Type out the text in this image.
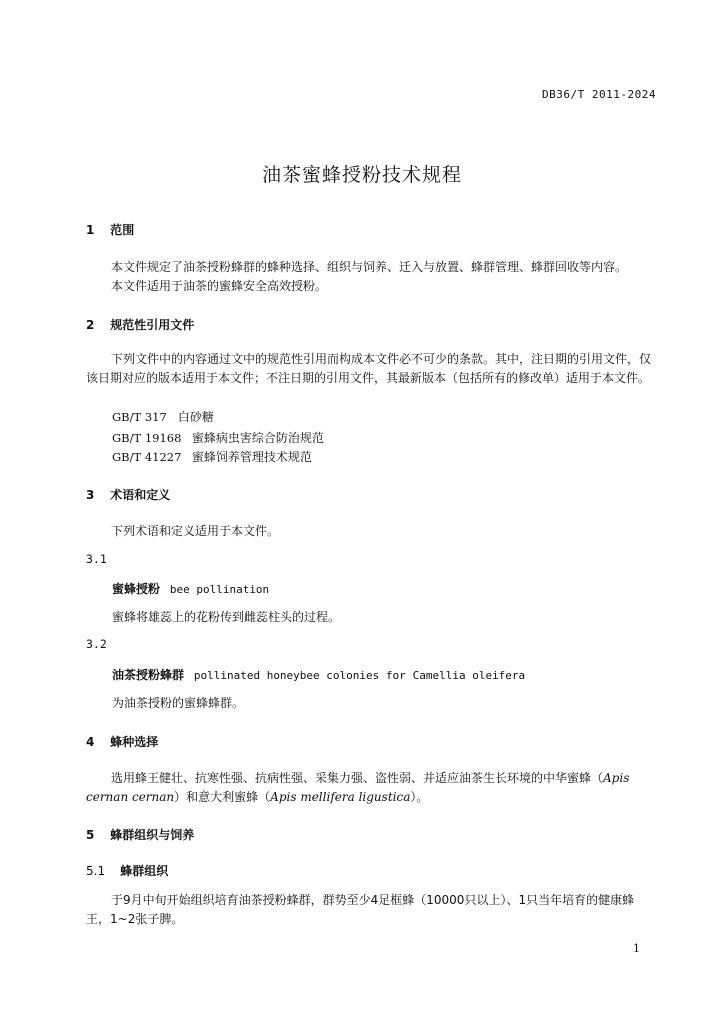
DB36/T 2011-2024
油茶蜜蜂授粉技术规程
1 范围
本文件规定了油茶授粉蜂群的蜂种选择、组织与饲养、迁入与放置、蜂群管理、蜂群回收等内容。
本文件适用于油茶的蜜蜂安全高效授粉。
2 规范性引用文件
下列文件中的内容通过文中的规范性引用而构成本文件必不可少的条款。其中，注日期的引用文件，仅该日期对应的版本适用于本文件；不注日期的引用文件，其最新版本（包括所有的修改单）适用于本文件。
GB/T 317 白砂糖
GB/T 19168 蜜蜂病虫害综合防治规范
GB/T 41227 蜜蜂饲养管理技术规范
3 术语和定义
下列术语和定义适用于本文件。
3.1
蜜蜂授粉 bee pollination
蜜蜂将雄蕊上的花粉传到雌蕊柱头的过程。
3.2
油茶授粉蜂群 pollinated honeybee colonies for Camellia oleifera
为油茶授粉的蜜蜂蜂群。
4 蜂种选择
选用蜂王健壮、抗寒性强、抗病性强、采集力强、盗性弱、并适应油茶生长环境的中华蜜蜂（Apis cernan cernan）和意大利蜜蜂（Apis mellifera ligustica）。
5 蜂群组织与饲养
5.1 蜂群组织
于9月中旬开始组织培育油茶授粉蜂群，群势至少4足框蜂（10000只以上）、1只当年培育的健康蜂王，1~2张子脾。
1
